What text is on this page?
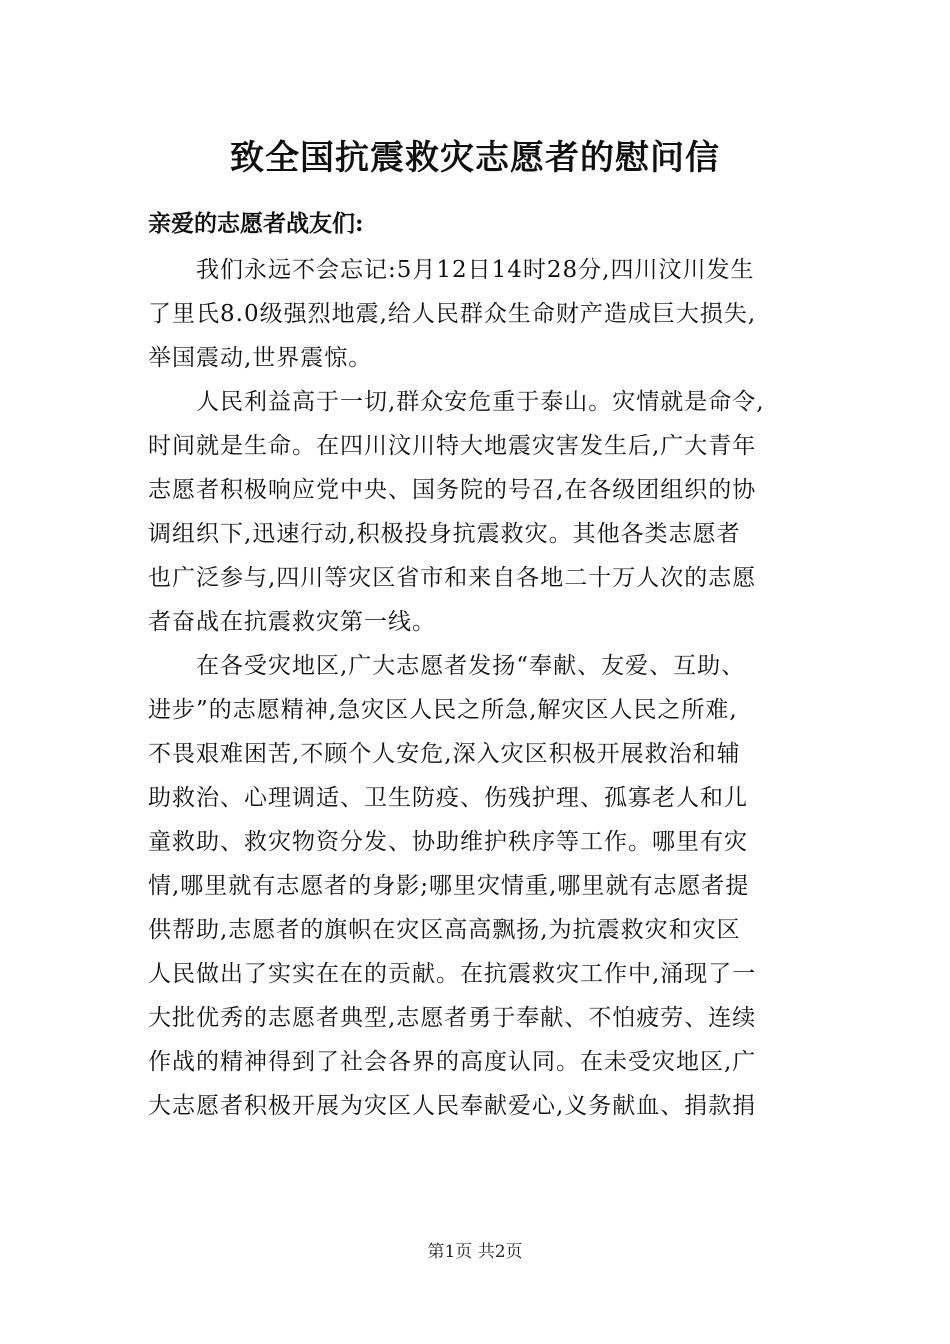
致全国抗震救灾志愿者的慰问信
亲爱的志愿者战友们:

我们永远不会忘记:5月12日14时28分,四川汶川发生
了里氏8.0级强烈地震,给人民群众生命财产造成巨大损失,
举国震动,世界震惊。

人民利益高于一切,群众安危重于泰山。灾情就是命令,
时间就是生命。在四川汶川特大地震灾害发生后,广大青年
志愿者积极响应党中央、国务院的号召,在各级团组织的协
调组织下,迅速行动,积极投身抗震救灾。其他各类志愿者
也广泛参与,四川等灾区省市和来自各地二十万人次的志愿
者奋战在抗震救灾第一线。

在各受灾地区,广大志愿者发扬“奉献、友爱、互助、
进步”的志愿精神,急灾区人民之所急,解灾区人民之所难,
不畏艰难困苦,不顾个人安危,深入灾区积极开展救治和辅
助救治、心理调适、卫生防疫、伤残护理、孤寡老人和儿
童救助、救灾物资分发、协助维护秩序等工作。哪里有灾
情,哪里就有志愿者的身影;哪里灾情重,哪里就有志愿者提
供帮助,志愿者的旗帜在灾区高高飘扬,为抗震救灾和灾区
人民做出了实实在在的贡献。在抗震救灾工作中,涌现了一
大批优秀的志愿者典型,志愿者勇于奉献、不怕疲劳、连续
作战的精神得到了社会各界的高度认同。在未受灾地区,广
大志愿者积极开展为灾区人民奉献爱心,义务献血、捐款捐

第1页 共2页
